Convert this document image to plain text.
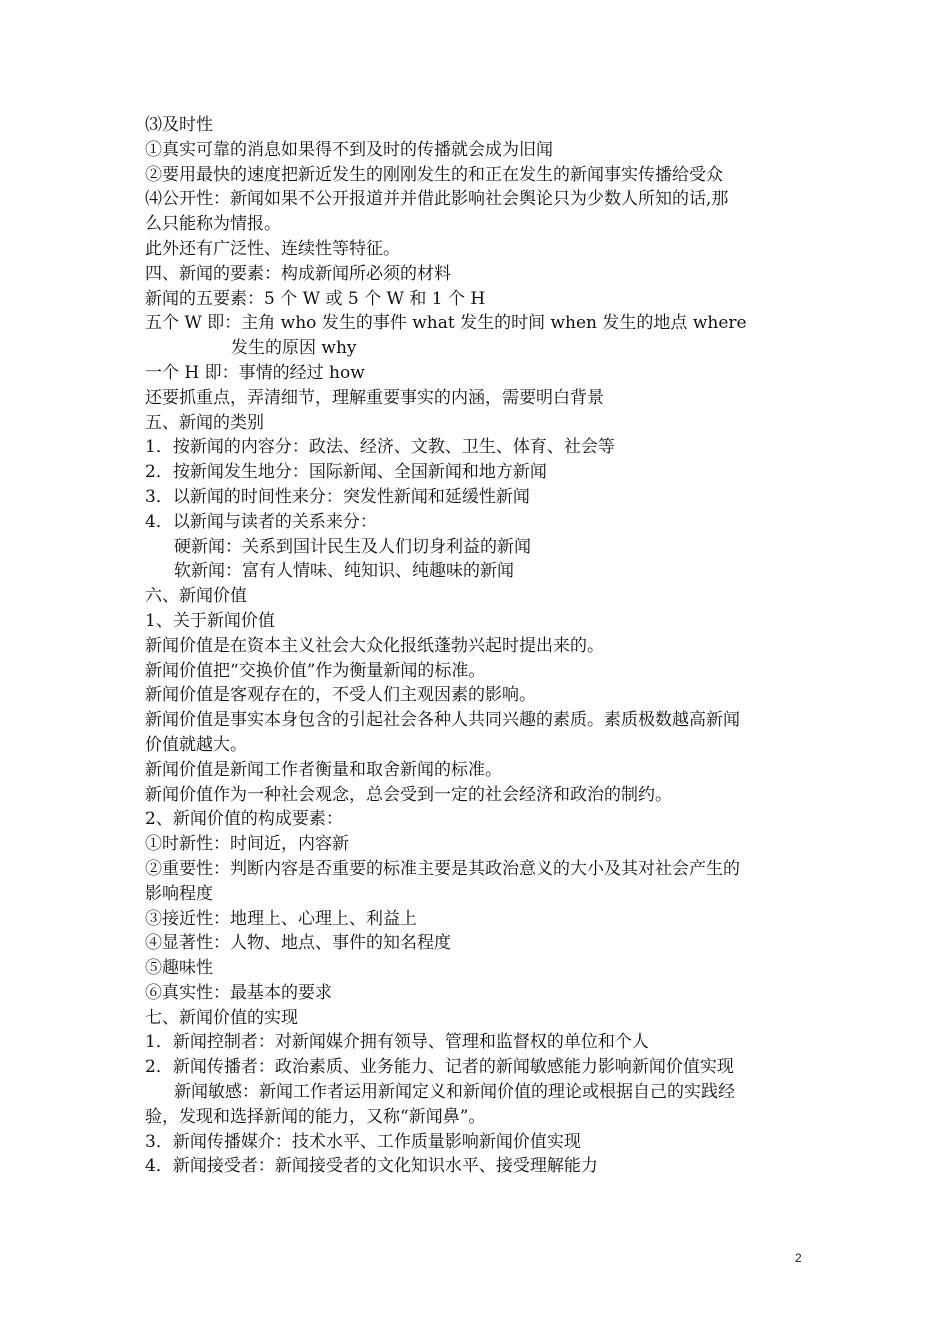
⑶及时性
①真实可靠的消息如果得不到及时的传播就会成为旧闻
②要用最快的速度把新近发生的刚刚发生的和正在发生的新闻事实传播给受众
⑷公开性：新闻如果不公开报道并并借此影响社会舆论只为少数人所知的话,那
么只能称为情报。
此外还有广泛性、连续性等特征。
四、新闻的要素：构成新闻所必须的材料
新闻的五要素：5 个 W 或 5 个 W 和 1 个 H
五个 W 即：主角 who 发生的事件 what 发生的时间 when 发生的地点 where
发生的原因 why
一个 H 即：事情的经过 how
还要抓重点，弄清细节，理解重要事实的内涵，需要明白背景
五、新闻的类别
1．按新闻的内容分：政法、经济、文教、卫生、体育、社会等
2．按新闻发生地分：国际新闻、全国新闻和地方新闻
3．以新闻的时间性来分：突发性新闻和延缓性新闻
4．以新闻与读者的关系来分：
硬新闻：关系到国计民生及人们切身利益的新闻
软新闻：富有人情味、纯知识、纯趣味的新闻
六、新闻价值
1、关于新闻价值
新闻价值是在资本主义社会大众化报纸蓬勃兴起时提出来的。
新闻价值把“交换价值”作为衡量新闻的标准。
新闻价值是客观存在的，不受人们主观因素的影响。
新闻价值是事实本身包含的引起社会各种人共同兴趣的素质。素质极数越高新闻
价值就越大。
新闻价值是新闻工作者衡量和取舍新闻的标准。
新闻价值作为一种社会观念，总会受到一定的社会经济和政治的制约。
2、新闻价值的构成要素：
①时新性：时间近，内容新
②重要性：判断内容是否重要的标准主要是其政治意义的大小及其对社会产生的
影响程度
③接近性：地理上、心理上、利益上
④显著性：人物、地点、事件的知名程度
⑤趣味性
⑥真实性：最基本的要求
七、新闻价值的实现
1．新闻控制者：对新闻媒介拥有领导、管理和监督权的单位和个人
2．新闻传播者：政治素质、业务能力、记者的新闻敏感能力影响新闻价值实现
新闻敏感：新闻工作者运用新闻定义和新闻价值的理论或根据自己的实践经
验，发现和选择新闻的能力，又称“新闻鼻”。
3．新闻传播媒介：技术水平、工作质量影响新闻价值实现
4．新闻接受者：新闻接受者的文化知识水平、接受理解能力
2
